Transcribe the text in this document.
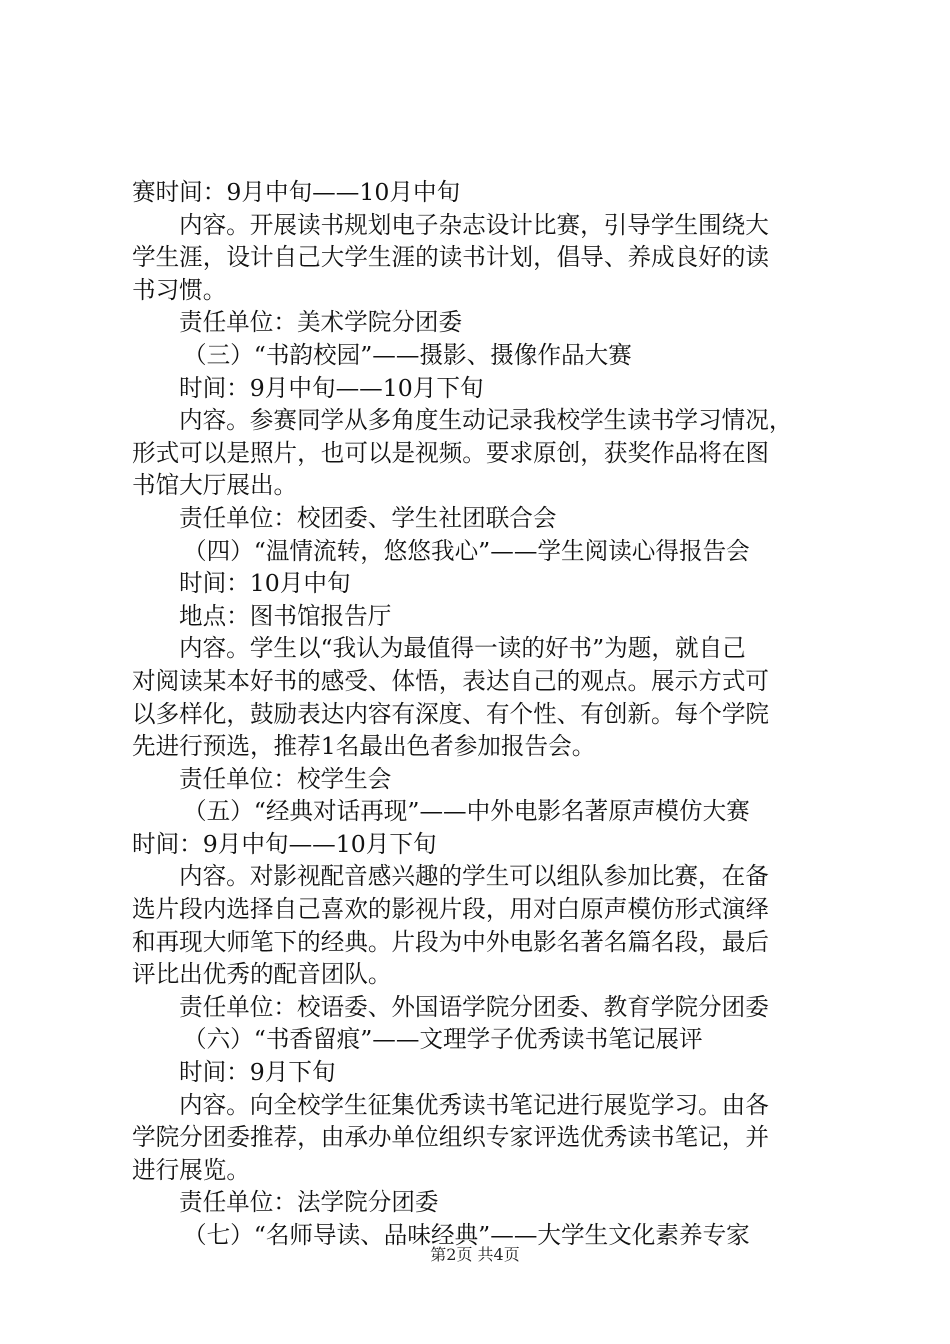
赛时间：9月中旬——10月中旬
内容。开展读书规划电子杂志设计比赛，引导学生围绕大
学生涯，设计自己大学生涯的读书计划，倡导、养成良好的读
书习惯。
责任单位：美术学院分团委
（三）“书韵校园”——摄影、摄像作品大赛
时间：9月中旬——10月下旬
内容。参赛同学从多角度生动记录我校学生读书学习情况，
形式可以是照片，也可以是视频。要求原创，获奖作品将在图
书馆大厅展出。
责任单位：校团委、学生社团联合会
（四）“温情流转，悠悠我心”——学生阅读心得报告会
时间：10月中旬
地点：图书馆报告厅
内容。学生以“我认为最值得一读的好书”为题，就自己
对阅读某本好书的感受、体悟，表达自己的观点。展示方式可
以多样化，鼓励表达内容有深度、有个性、有创新。每个学院
先进行预选，推荐1名最出色者参加报告会。
责任单位：校学生会
（五）“经典对话再现”——中外电影名著原声模仿大赛
时间：9月中旬——10月下旬
内容。对影视配音感兴趣的学生可以组队参加比赛，在备
选片段内选择自己喜欢的影视片段，用对白原声模仿形式演绎
和再现大师笔下的经典。片段为中外电影名著名篇名段，最后
评比出优秀的配音团队。
责任单位：校语委、外国语学院分团委、教育学院分团委
（六）“书香留痕”——文理学子优秀读书笔记展评
时间：9月下旬
内容。向全校学生征集优秀读书笔记进行展览学习。由各
学院分团委推荐，由承办单位组织专家评选优秀读书笔记，并
进行展览。
责任单位：法学院分团委
（七）“名师导读、品味经典”——大学生文化素养专家
第2页 共4页
